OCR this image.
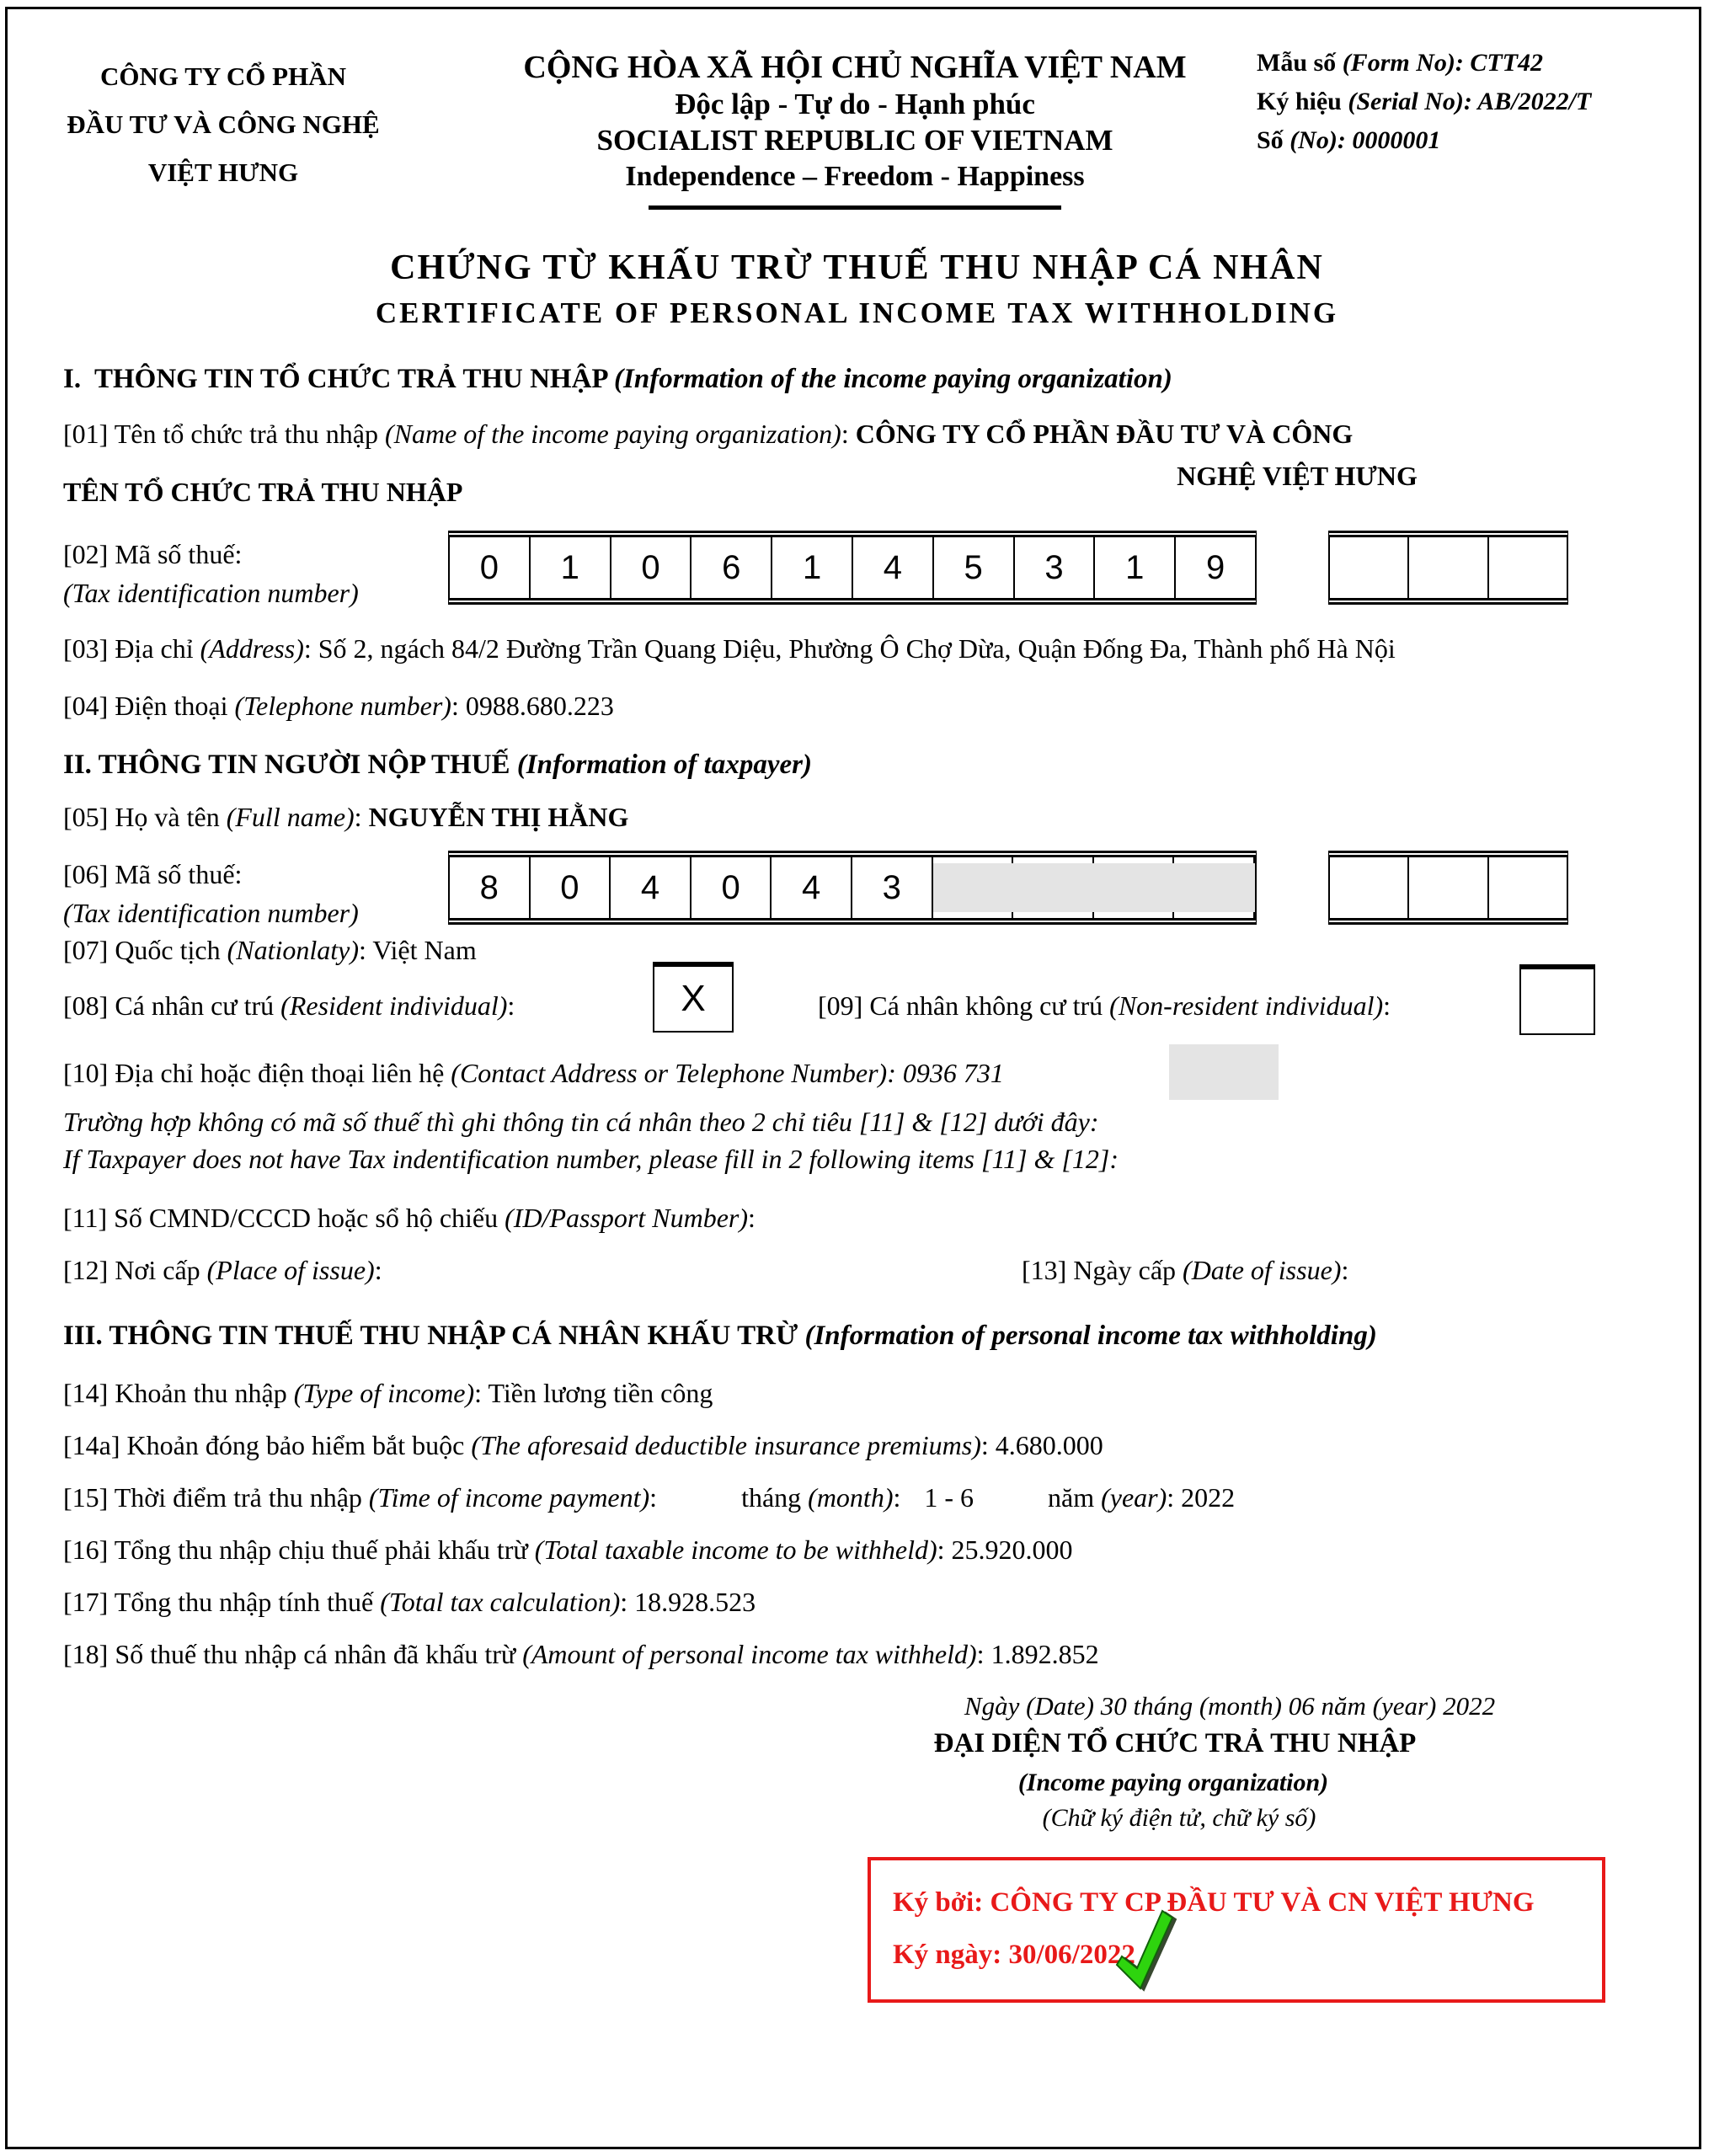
CÔNG TY CỔ PHẦN
ĐẦU TƯ VÀ CÔNG NGHỆ
VIỆT HƯNG
CỘNG HÒA XÃ HỘI CHỦ NGHĨA VIỆT NAM
Độc lập - Tự do - Hạnh phúc
SOCIALIST REPUBLIC OF VIETNAM
Independence – Freedom - Happiness
Mẫu số (Form No): CTT42
Ký hiệu (Serial No): AB/2022/T
Số (No): 0000001
CHỨNG TỪ KHẤU TRỪ THUẾ THU NHẬP CÁ NHÂN
CERTIFICATE OF PERSONAL INCOME TAX WITHHOLDING
I.  THÔNG TIN TỔ CHỨC TRẢ THU NHẬP (Information of the income paying organization)
[01] Tên tổ chức trả thu nhập (Name of the income paying organization): CÔNG TY CỔ PHẦN ĐẦU TƯ VÀ CÔNG
NGHỆ VIỆT HƯNG
TÊN TỔ CHỨC TRẢ THU NHẬP
[02] Mã số thuế:
(Tax identification number)
0	1	0	6	1	4	5	3	1	9
[03] Địa chỉ (Address): Số 2, ngách 84/2 Đường Trần Quang Diệu, Phường Ô Chợ Dừa, Quận Đống Đa, Thành phố Hà Nội
[04] Điện thoại (Telephone number): 0988.680.223
II. THÔNG TIN NGƯỜI NỘP THUẾ (Information of taxpayer)
[05] Họ và tên (Full name): NGUYỄN THỊ HẰNG
[06] Mã số thuế:
(Tax identification number)
8	0	4	0	4	3
[07] Quốc tịch (Nationlaty): Việt Nam
[08] Cá nhân cư trú (Resident individual):	X	[09] Cá nhân không cư trú (Non-resident individual):
[10] Địa chỉ hoặc điện thoại liên hệ (Contact Address or Telephone Number): 0936 731
Trường hợp không có mã số thuế thì ghi thông tin cá nhân theo 2 chỉ tiêu [11] & [12] dưới đây:
If Taxpayer does not have Tax indentification number, please fill in 2 following items [11] & [12]:
[11] Số CMND/CCCD hoặc sổ hộ chiếu (ID/Passport Number):
[12] Nơi cấp (Place of issue):	[13] Ngày cấp (Date of issue):
III. THÔNG TIN THUẾ THU NHẬP CÁ NHÂN KHẤU TRỪ (Information of personal income tax withholding)
[14] Khoản thu nhập (Type of income): Tiền lương tiền công
[14a] Khoản đóng bảo hiểm bắt buộc (The aforesaid deductible insurance premiums): 4.680.000
[15] Thời điểm trả thu nhập (Time of income payment):	tháng (month): 1 - 6	năm (year): 2022
[16] Tổng thu nhập chịu thuế phải khấu trừ (Total taxable income to be withheld): 25.920.000
[17] Tổng thu nhập tính thuế (Total tax calculation): 18.928.523
[18] Số thuế thu nhập cá nhân đã khấu trừ (Amount of personal income tax withheld): 1.892.852
Ngày (Date) 30 tháng (month) 06 năm (year) 2022
ĐẠI DIỆN TỔ CHỨC TRẢ THU NHẬP
(Income paying organization)
(Chữ ký điện tử, chữ ký số)
Ký bởi: CÔNG TY CP ĐẦU TƯ VÀ CN VIỆT HƯNG
Ký ngày: 30/06/2022
